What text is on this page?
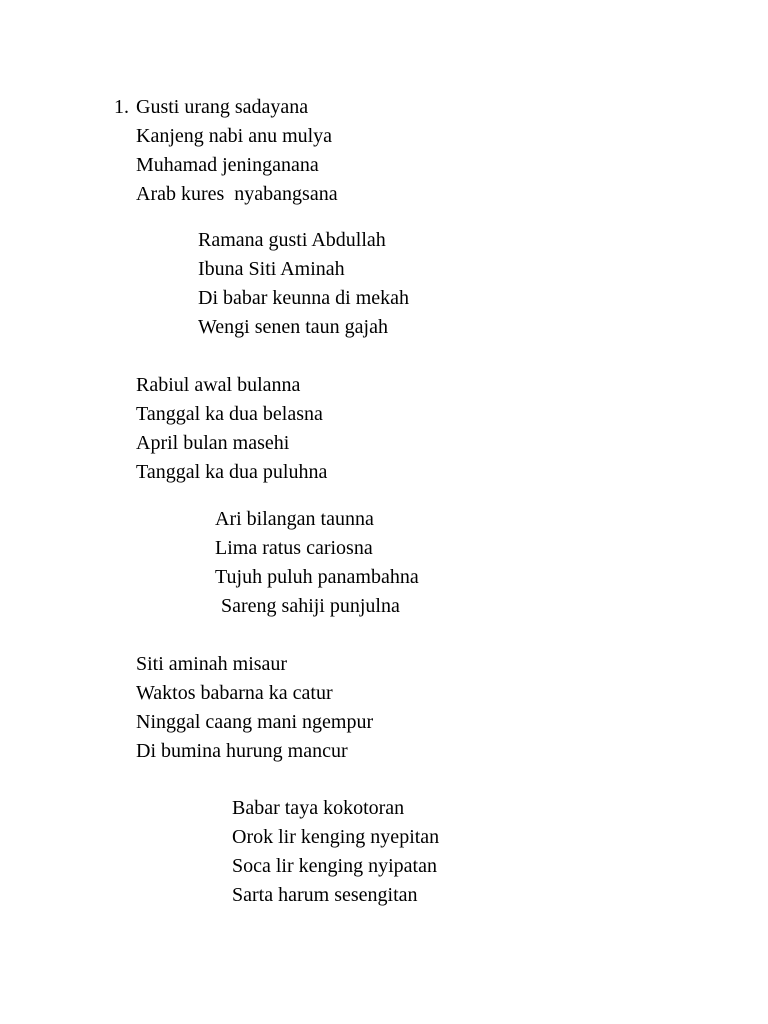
1. Gusti urang sadayana
Kanjeng nabi anu mulya
Muhamad jeninganana
Arab kures  nyabangsana
Ramana gusti Abdullah
Ibuna Siti Aminah
Di babar keunna di mekah
Wengi senen taun gajah
Rabiul awal bulanna
Tanggal ka dua belasna
April bulan masehi
Tanggal ka dua puluhna
Ari bilangan taunna
Lima ratus cariosna
Tujuh puluh panambahna
Sareng sahiji punjulna
Siti aminah misaur
Waktos babarna ka catur
Ninggal caang mani ngempur
Di bumina hurung mancur
Babar taya kokotoran
Orok lir kenging nyepitan
Soca lir kenging nyipatan
Sarta harum sesengitan
